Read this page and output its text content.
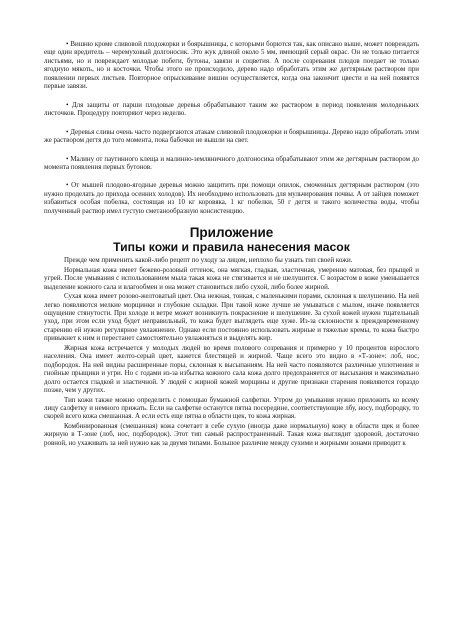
• Вишню кроме сливовой плодожорки и боярышницы, с которыми борются так, как описано выше, может повреждать еще один вредитель – черемуховый долгоносик. Это жук длиной около 5 мм, имеющий серый окрас. Он не только питается листьями, но и повреждает молодые побеги, бутоны, завязи и соцветия. А после созревания плодов поедает не только ягодную мякоть, но и косточки. Чтобы этого не происходило, дерево надо обработать этим же дегтярным раствором при появлении первых листьев. Повторное опрыскивание вишни осуществляется, когда она закончит цвести и на ней появятся первые завязи.

• Для защиты от парши плодовые деревья обрабатывают таким же раствором в период появления молоденьких листочков. Процедуру повторяют через неделю.

• Деревья сливы очень часто подвергаются атакам сливовой плодожорки и боярышницы. Дерево надо обработать этим же раствором дегтя до того момента, пока бабочки не вышли на свет.

• Малину от паутинного клеща и малинно-земляничного долгоносика обрабатывают этим же дегтярным раствором до момента появления первых бутонов.

• От мышей плодово-ягодные деревья можно защитить при помощи опилок, смоченных дегтярным раствором (это нужно проделать до прихода осенних холодов). Их необходимо использовать для мульчирования почвы. А от зайцев поможет избавиться особая побелка, состоящая из 10 кг коровяка, 1 кг побелки, 50 г дегтя и такого количества воды, чтобы полученный раствор имел густую сметанообразную консистенцию.

Приложение
Типы кожи и правила нанесения масок

Прежде чем применить какой-либо рецепт по уходу за лицом, неплохо бы узнать тип своей кожи.

Нормальная кожа имеет бежево-розовый оттенок, она мягкая, гладкая, эластичная, умеренно матовая, без прыщей и угрей. После умывания с использованием мыла такая кожа не стягивается и не шелушится. С возрастом в коже уменьшается выделение кожного сала и влагообмен и она может становиться либо сухой, либо более жирной.

Сухая кожа имеет розово-желтоватый цвет. Она нежная, тонкая, с маленькими порами, склонная к шелушению. На ней легко появляются мелкие морщинки и глубокие складки. При такой коже лучше не умываться с мылом, иначе появляется ощущение стянутости. При холоде и ветре может возникнуть покраснение и шелушение. За сухой кожей нужен тщательный уход, при этом если уход будет неправильный, то кожа будет выглядеть еще хуже. Из-за склонности к преждевременному старению ей нужно регулярное увлажнение. Однако если постоянно использовать жирные и тяжелые кремы, то кожа быстро привыкнет к ним и перестанет самостоятельно увлажняться и выделять жир.

Жирная кожа встречается у молодых людей во время полового созревания и примерно у 10 процентов взрослого населения. Она имеет желто-серый цвет, кажется блестящей и жирной. Чаще всего это видно в «Т-зоне»: лоб, нос, подбородок. На ней видны расширенные поры, склонная к высыпаниям. На ней часто появляются различные уплотнения и гнойные прыщики и угри. Но с годами из-за избытка кожного сала кожа долго предохраняется от высыхания и максимально долго остается гладкой и эластичной. У людей с жирной кожей морщины и другие признаки старения появляются гораздо позже, чем у других.

Тип кожи также можно определить с помощью бумажной салфетки. Утром до умывания нужно приложить ко всему лицу салфетку и немного прижать. Если на салфетке останутся пятна посередине, соответствующие лбу, носу, подбородку, то скорей всего кожа смешанная. А если есть еще пятна в области щек, то кожа жирная.

Комбинированная (смешанная) кожа сочетает в себе сухую (иногда даже нормальную) кожу в области щек и более жирную в Т-зоне (лоб, нос, подбородок). Этот тип самый распространенный. Такая кожа выглядит здоровой, достаточно ровной, но ухаживать за ней нужно как за двумя типами. Большое различие между сухими и жирными зонами приводит к
